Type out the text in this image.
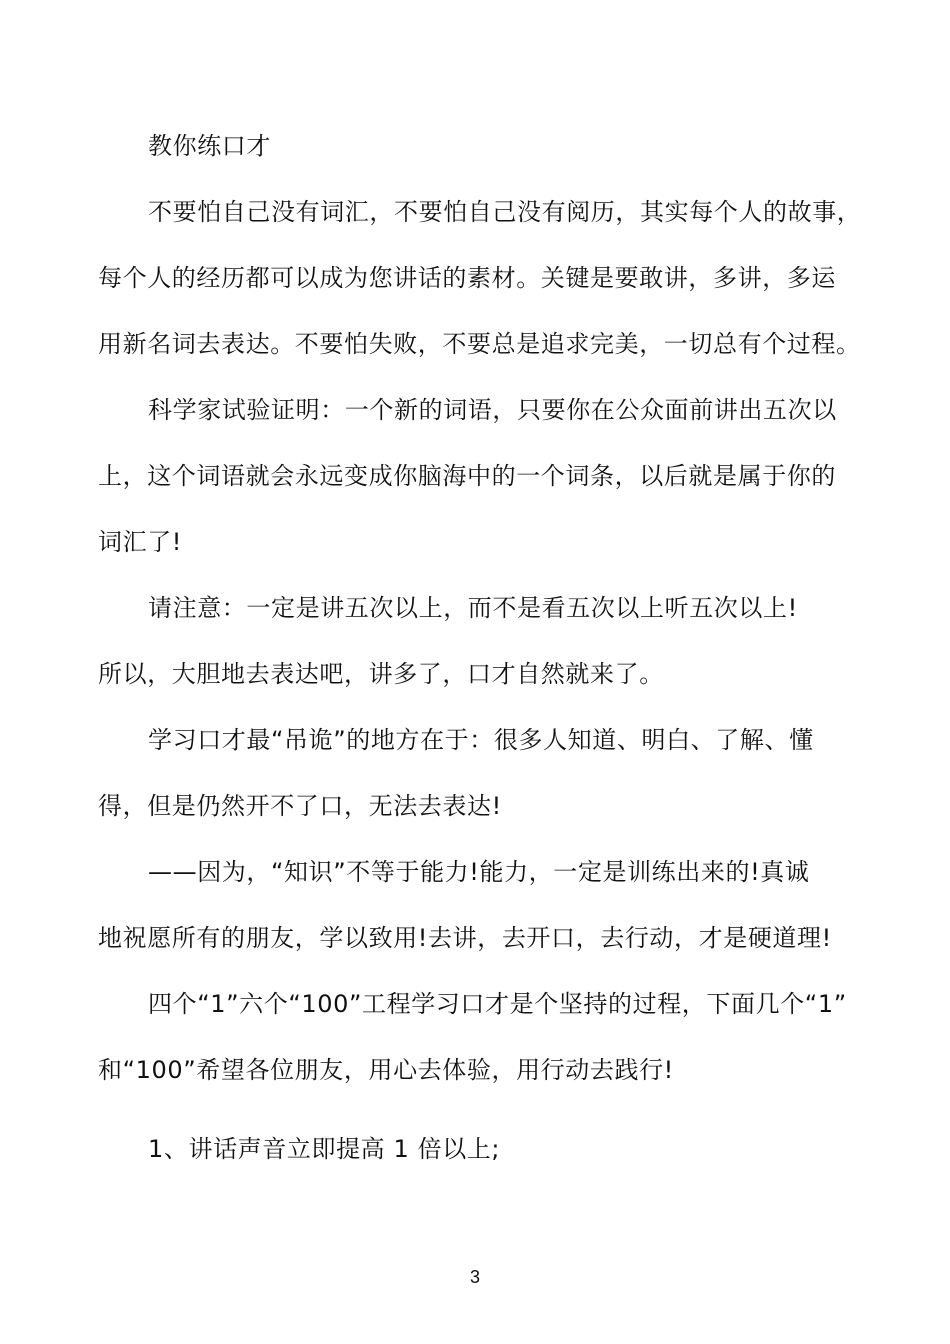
教你练口才
不要怕自己没有词汇，不要怕自己没有阅历，其实每个人的故事，
每个人的经历都可以成为您讲话的素材。关键是要敢讲，多讲，多运
用新名词去表达。不要怕失败，不要总是追求完美，一切总有个过程。
科学家试验证明：一个新的词语，只要你在公众面前讲出五次以
上，这个词语就会永远变成你脑海中的一个词条，以后就是属于你的
词汇了!
请注意：一定是讲五次以上，而不是看五次以上听五次以上!
所以，大胆地去表达吧，讲多了，口才自然就来了。
学习口才最“吊诡”的地方在于：很多人知道、明白、了解、懂
得，但是仍然开不了口，无法去表达!
——因为，“知识”不等于能力!能力，一定是训练出来的!真诚
地祝愿所有的朋友，学以致用!去讲，去开口，去行动，才是硬道理!
四个“1”六个“100”工程学习口才是个坚持的过程，下面几个“1”
和“100”希望各位朋友，用心去体验，用行动去践行!
1、讲话声音立即提高 1 倍以上;
3
